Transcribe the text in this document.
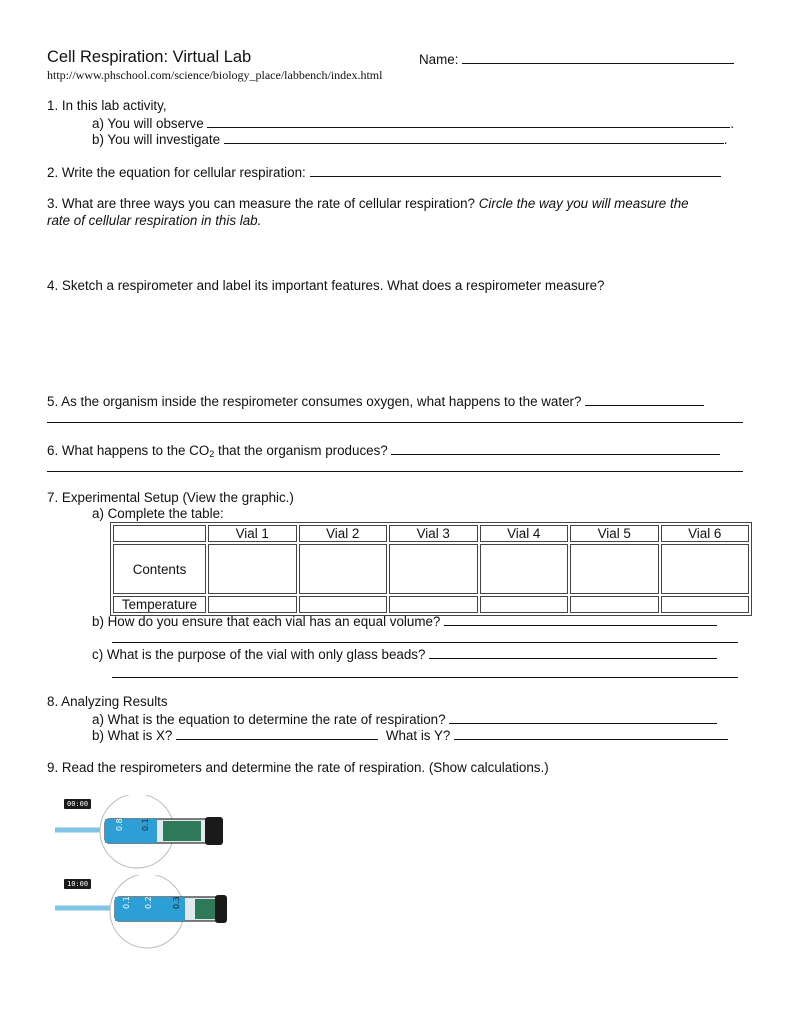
Cell Respiration: Virtual Lab	Name:
http://www.phschool.com/science/biology_place/labbench/index.html
1. In this lab activity,
a) You will observe	.
b) You will investigate	.
2. Write the equation for cellular respiration:
3. What are three ways you can measure the rate of cellular respiration? Circle the way you will measure the
rate of cellular respiration in this lab.
4. Sketch a respirometer and label its important features. What does a respirometer measure?
5. As the organism inside the respirometer consumes oxygen, what happens to the water?
6. What happens to the $CO_2$ that the organism produces?
7. Experimental Setup (View the graphic.)
a) Complete the table:
	Vial 1	Vial 2	Vial 3	Vial 4	Vial 5	Vial 6
Contents						
Temperature						
b) How do you ensure that each vial has an equal volume?
c) What is the purpose of the vial with only glass beads?
8. Analyzing Results
a) What is the equation to determine the rate of respiration?
b) What is X?	What is Y?
9. Read the respirometers and determine the rate of respiration. (Show calculations.)
00:00
0.8 0.1
10:00
0.1 0.2 0.3
